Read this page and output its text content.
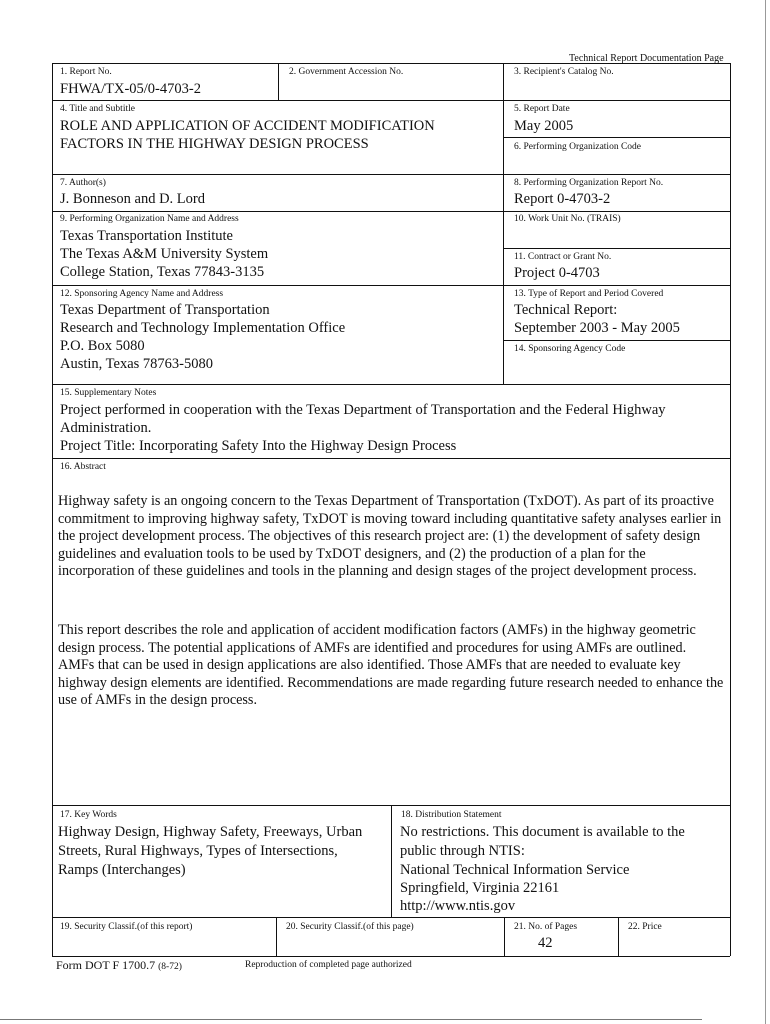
Technical Report Documentation Page
1. Report No.
FHWA/TX-05/0-4703-2
2. Government Accession No.	3. Recipient's Catalog No.
4. Title and Subtitle
ROLE AND APPLICATION OF ACCIDENT MODIFICATION
FACTORS IN THE HIGHWAY DESIGN PROCESS
5. Report Date
May 2005
6. Performing Organization Code
7. Author(s)
J. Bonneson and D. Lord
8. Performing Organization Report No.
Report 0-4703-2
9. Performing Organization Name and Address
Texas Transportation Institute
The Texas A&M University System
College Station, Texas 77843-3135
10. Work Unit No. (TRAIS)
11. Contract or Grant No.
Project 0-4703
12. Sponsoring Agency Name and Address
Texas Department of Transportation
Research and Technology Implementation Office
P.O. Box 5080
Austin, Texas 78763-5080
13. Type of Report and Period Covered
Technical Report:
September 2003 - May 2005
14. Sponsoring Agency Code
15. Supplementary Notes
Project performed in cooperation with the Texas Department of Transportation and the Federal Highway
Administration.
Project Title: Incorporating Safety Into the Highway Design Process
16. Abstract
Highway safety is an ongoing concern to the Texas Department of Transportation (TxDOT). As part of its proactive commitment to improving highway safety, TxDOT is moving toward including quantitative safety analyses earlier in the project development process. The objectives of this research project are: (1) the development of safety design guidelines and evaluation tools to be used by TxDOT designers, and (2) the production of a plan for the incorporation of these guidelines and tools in the planning and design stages of the project development process.
This report describes the role and application of accident modification factors (AMFs) in the highway geometric design process. The potential applications of AMFs are identified and procedures for using AMFs are outlined. AMFs that can be used in design applications are also identified. Those AMFs that are needed to evaluate key highway design elements are identified. Recommendations are made regarding future research needed to enhance the use of AMFs in the design process.
17. Key Words
Highway Design, Highway Safety, Freeways, Urban
Streets, Rural Highways, Types of Intersections,
Ramps (Interchanges)
18. Distribution Statement
No restrictions. This document is available to the
public through NTIS:
National Technical Information Service
Springfield, Virginia 22161
http://www.ntis.gov
19. Security Classif.(of this report)	20. Security Classif.(of this page)	21. No. of Pages
42
22. Price
Form DOT F 1700.7 (8-72)	Reproduction of completed page authorized
